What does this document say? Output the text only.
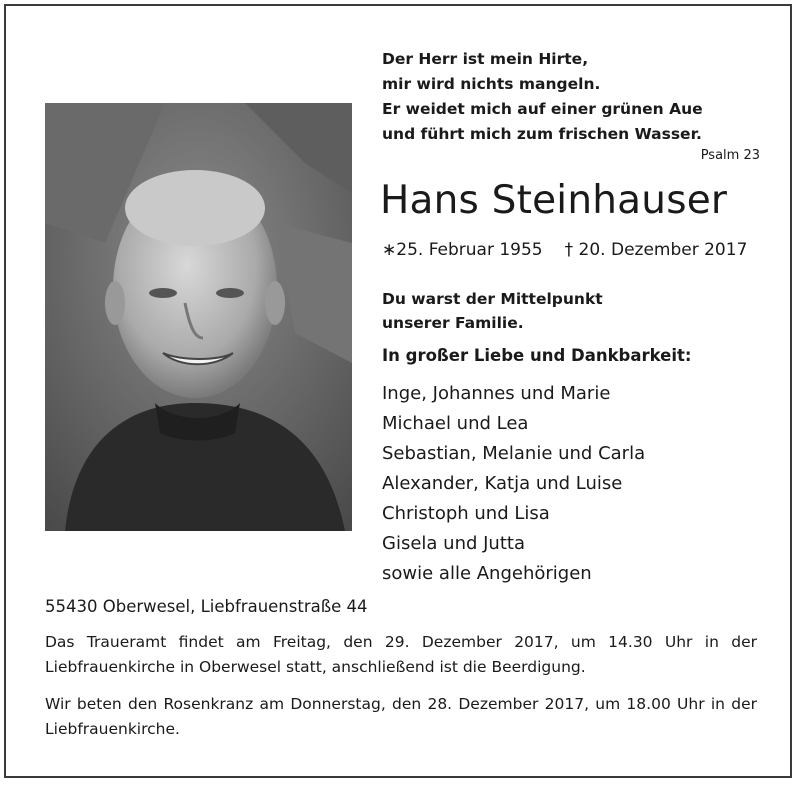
Der Herr ist mein Hirte,
mir wird nichts mangeln.
Er weidet mich auf einer grünen Aue
und führt mich zum frischen Wasser.
Psalm 23
Hans Steinhauser
∗25. Februar 1955 † 20. Dezember 2017
Du warst der Mittelpunkt
unserer Familie.
In großer Liebe und Dankbarkeit:
Inge, Johannes und Marie
Michael und Lea
Sebastian, Melanie und Carla
Alexander, Katja und Luise
Christoph und Lisa
Gisela und Jutta
sowie alle Angehörigen
55430 Oberwesel, Liebfrauenstraße 44

Das Traueramt findet am Freitag, den 29. Dezember 2017, um 14.30 Uhr in der Liebfrauenkirche in Oberwesel statt, anschließend ist die Beerdigung.

Wir beten den Rosenkranz am Donnerstag, den 28. Dezember 2017, um 18.00 Uhr in der Liebfrauenkirche.
